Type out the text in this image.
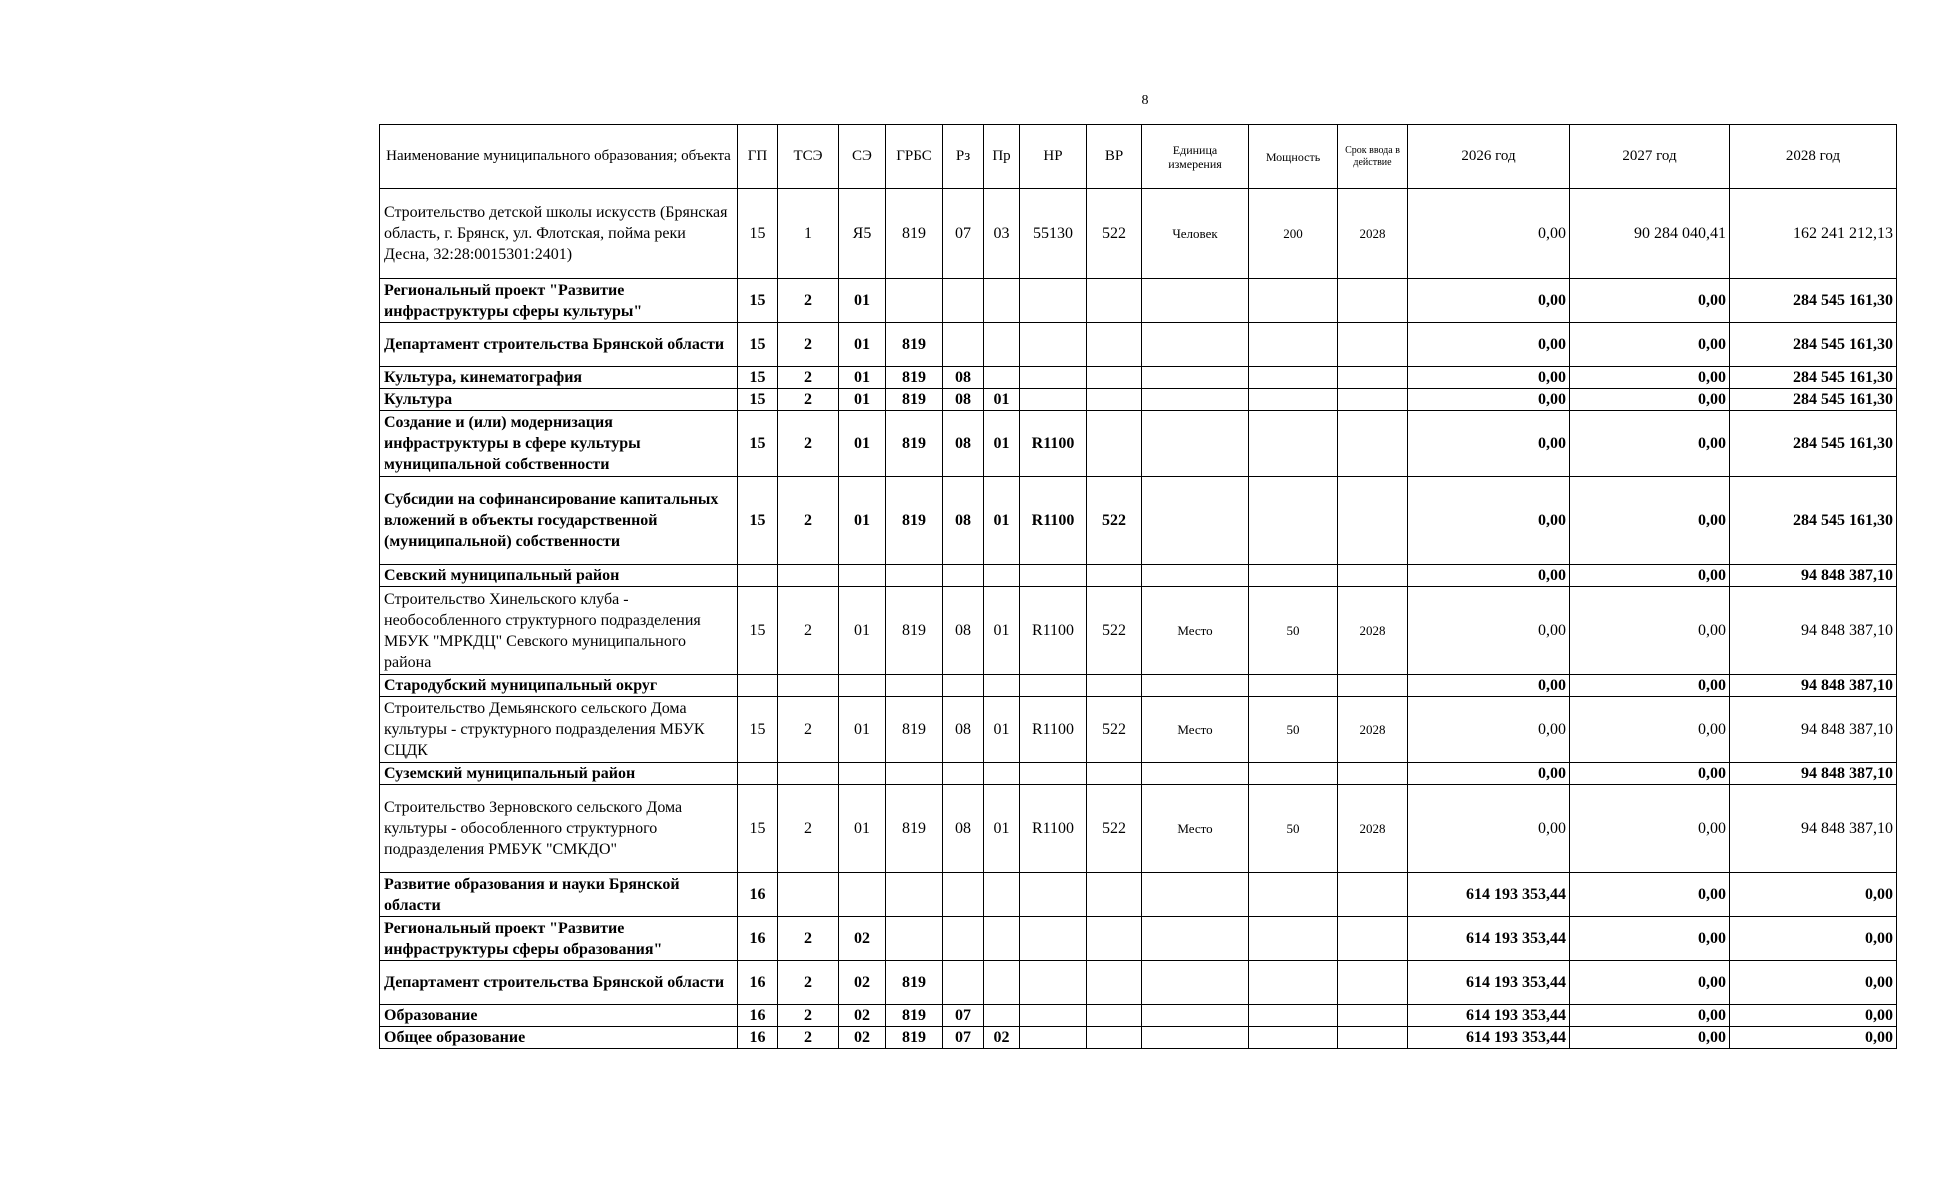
8
Наименование муниципального образования; объекта	ГП	ТСЭ	СЭ	ГРБС	Рз	Пр	НР	ВР	Единица измерения	Мощность	Срок ввода в действие	2026 год	2027 год	2028 год
Строительство детской школы искусств (Брянская область, г. Брянск, ул. Флотская, пойма реки Десна, 32:28:0015301:2401)	15	1	Я5	819	07	03	55130	522	Человек	200	2028	0,00	90 284 040,41	162 241 212,13
Региональный проект "Развитие инфраструктуры сферы культуры"	15	2	01									0,00	0,00	284 545 161,30
Департамент строительства Брянской области	15	2	01	819								0,00	0,00	284 545 161,30
Культура, кинематография	15	2	01	819	08							0,00	0,00	284 545 161,30
Культура	15	2	01	819	08	01						0,00	0,00	284 545 161,30
Создание и (или) модернизация инфраструктуры в сфере культуры муниципальной собственности	15	2	01	819	08	01	R1100					0,00	0,00	284 545 161,30
Субсидии на софинансирование капитальных вложений в объекты государственной (муниципальной) собственности	15	2	01	819	08	01	R1100	522				0,00	0,00	284 545 161,30
Севский муниципальный район												0,00	0,00	94 848 387,10
Строительство Хинельского клуба - необособленного структурного подразделения МБУК "МРКДЦ" Севского муниципального района	15	2	01	819	08	01	R1100	522	Место	50	2028	0,00	0,00	94 848 387,10
Стародубский муниципальный округ												0,00	0,00	94 848 387,10
Строительство Демьянского сельского Дома культуры - структурного подразделения МБУК СЦДК	15	2	01	819	08	01	R1100	522	Место	50	2028	0,00	0,00	94 848 387,10
Суземский муниципальный район												0,00	0,00	94 848 387,10
Строительство Зерновского сельского Дома культуры - обособленного структурного подразделения РМБУК "СМКДО"	15	2	01	819	08	01	R1100	522	Место	50	2028	0,00	0,00	94 848 387,10
Развитие образования и науки Брянской области	16											614 193 353,44	0,00	0,00
Региональный проект "Развитие инфраструктуры сферы образования"	16	2	02									614 193 353,44	0,00	0,00
Департамент строительства Брянской области	16	2	02	819								614 193 353,44	0,00	0,00
Образование	16	2	02	819	07							614 193 353,44	0,00	0,00
Общее образование	16	2	02	819	07	02						614 193 353,44	0,00	0,00
